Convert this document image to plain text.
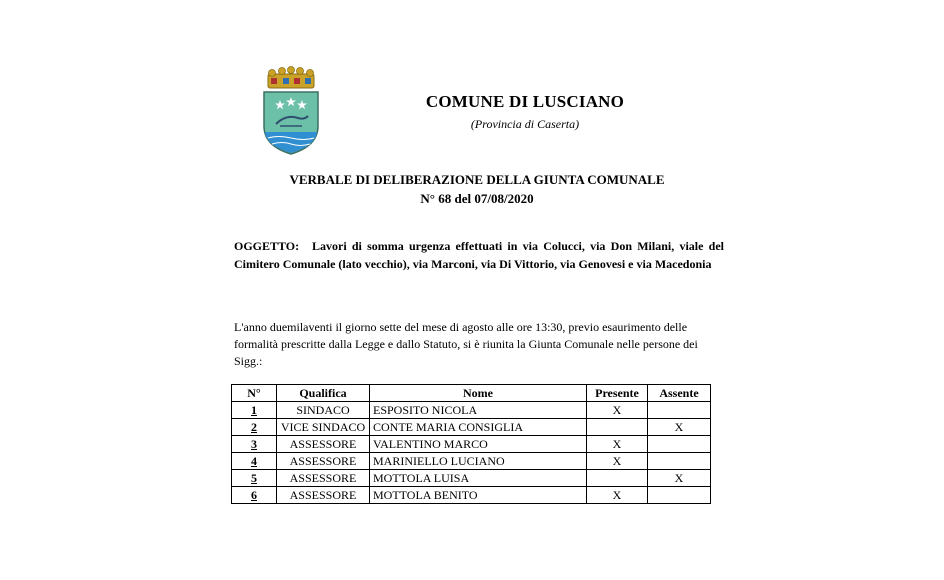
COMUNE DI LUSCIANO
(Provincia di Caserta)
VERBALE DI DELIBERAZIONE DELLA GIUNTA COMUNALE
N° 68 del 07/08/2020
OGGETTO:	Lavori di somma urgenza effettuati in via Colucci, via Don Milani, viale del Cimitero Comunale (lato vecchio), via Marconi, via Di Vittorio, via Genovesi e via Macedonia
L'anno duemilaventi il giorno sette del mese di agosto alle ore 13:30, previo esaurimento delle formalità prescritte dalla Legge e dallo Statuto, si è riunita la Giunta Comunale nelle persone dei Sigg.:
N°	Qualifica	Nome	Presente	Assente
1	SINDACO	ESPOSITO NICOLA	X	
2	VICE SINDACO	CONTE MARIA CONSIGLIA		X
3	ASSESSORE	VALENTINO MARCO	X	
4	ASSESSORE	MARINIELLO LUCIANO	X	
5	ASSESSORE	MOTTOLA LUISA		X
6	ASSESSORE	MOTTOLA BENITO	X	
